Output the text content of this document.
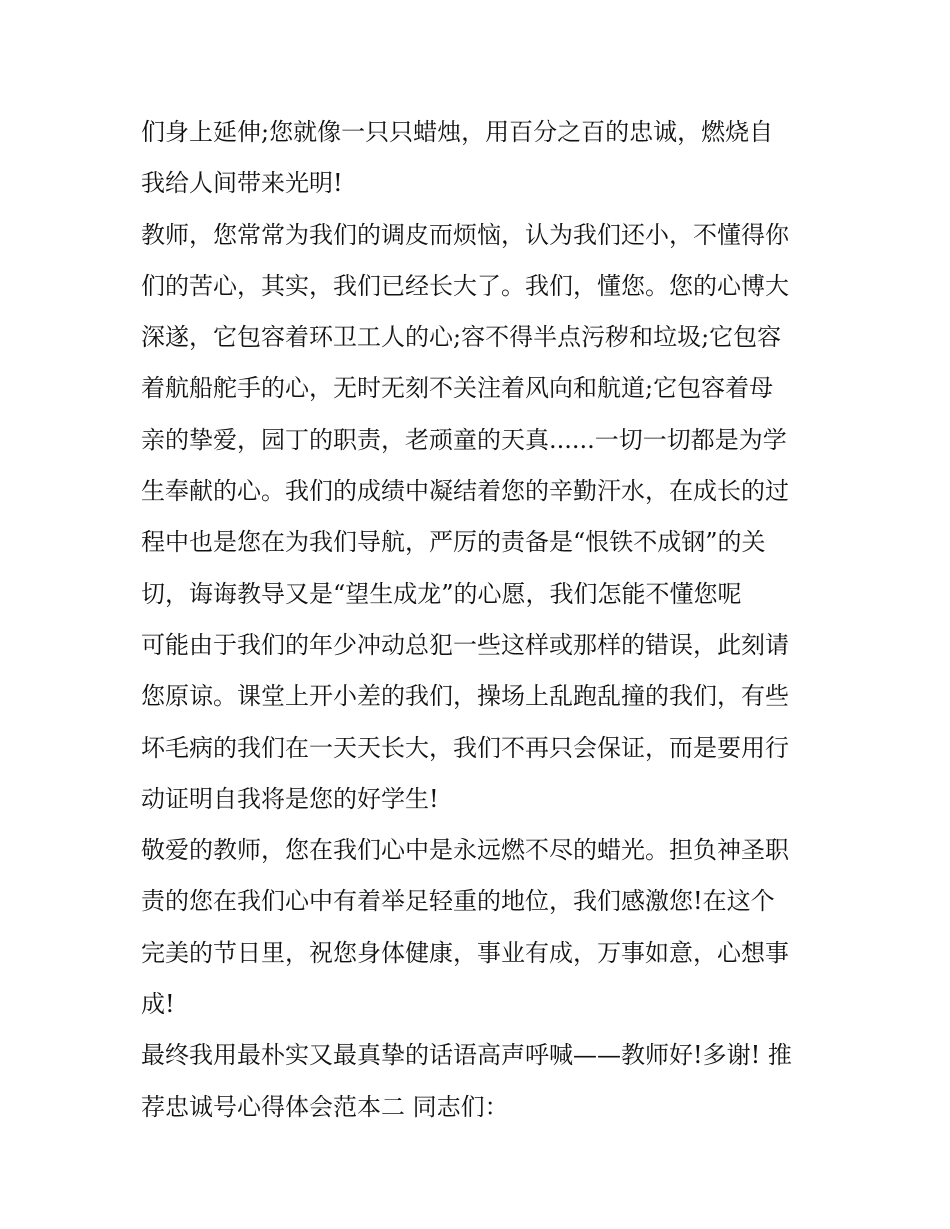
们身上延伸;您就像一只只蜡烛，用百分之百的忠诚，燃烧自
我给人间带来光明!
教师，您常常为我们的调皮而烦恼，认为我们还小，不懂得你
们的苦心，其实，我们已经长大了。我们，懂您。您的心博大
深遂，它包容着环卫工人的心;容不得半点污秽和垃圾;它包容
着航船舵手的心，无时无刻不关注着风向和航道;它包容着母
亲的挚爱，园丁的职责，老顽童的天真......一切一切都是为学
生奉献的心。我们的成绩中凝结着您的辛勤汗水，在成长的过
程中也是您在为我们导航，严厉的责备是“恨铁不成钢”的关
切，诲诲教导又是“望生成龙”的心愿，我们怎能不懂您呢
可能由于我们的年少冲动总犯一些这样或那样的错误，此刻请
您原谅。课堂上开小差的我们，操场上乱跑乱撞的我们，有些
坏毛病的我们在一天天长大，我们不再只会保证，而是要用行
动证明自我将是您的好学生!
敬爱的教师，您在我们心中是永远燃不尽的蜡光。担负神圣职
责的您在我们心中有着举足轻重的地位，我们感激您!在这个
完美的节日里，祝您身体健康，事业有成，万事如意，心想事
成!
最终我用最朴实又最真挚的话语高声呼喊——教师好!多谢! 推
荐忠诚号心得体会范本二 同志们：
